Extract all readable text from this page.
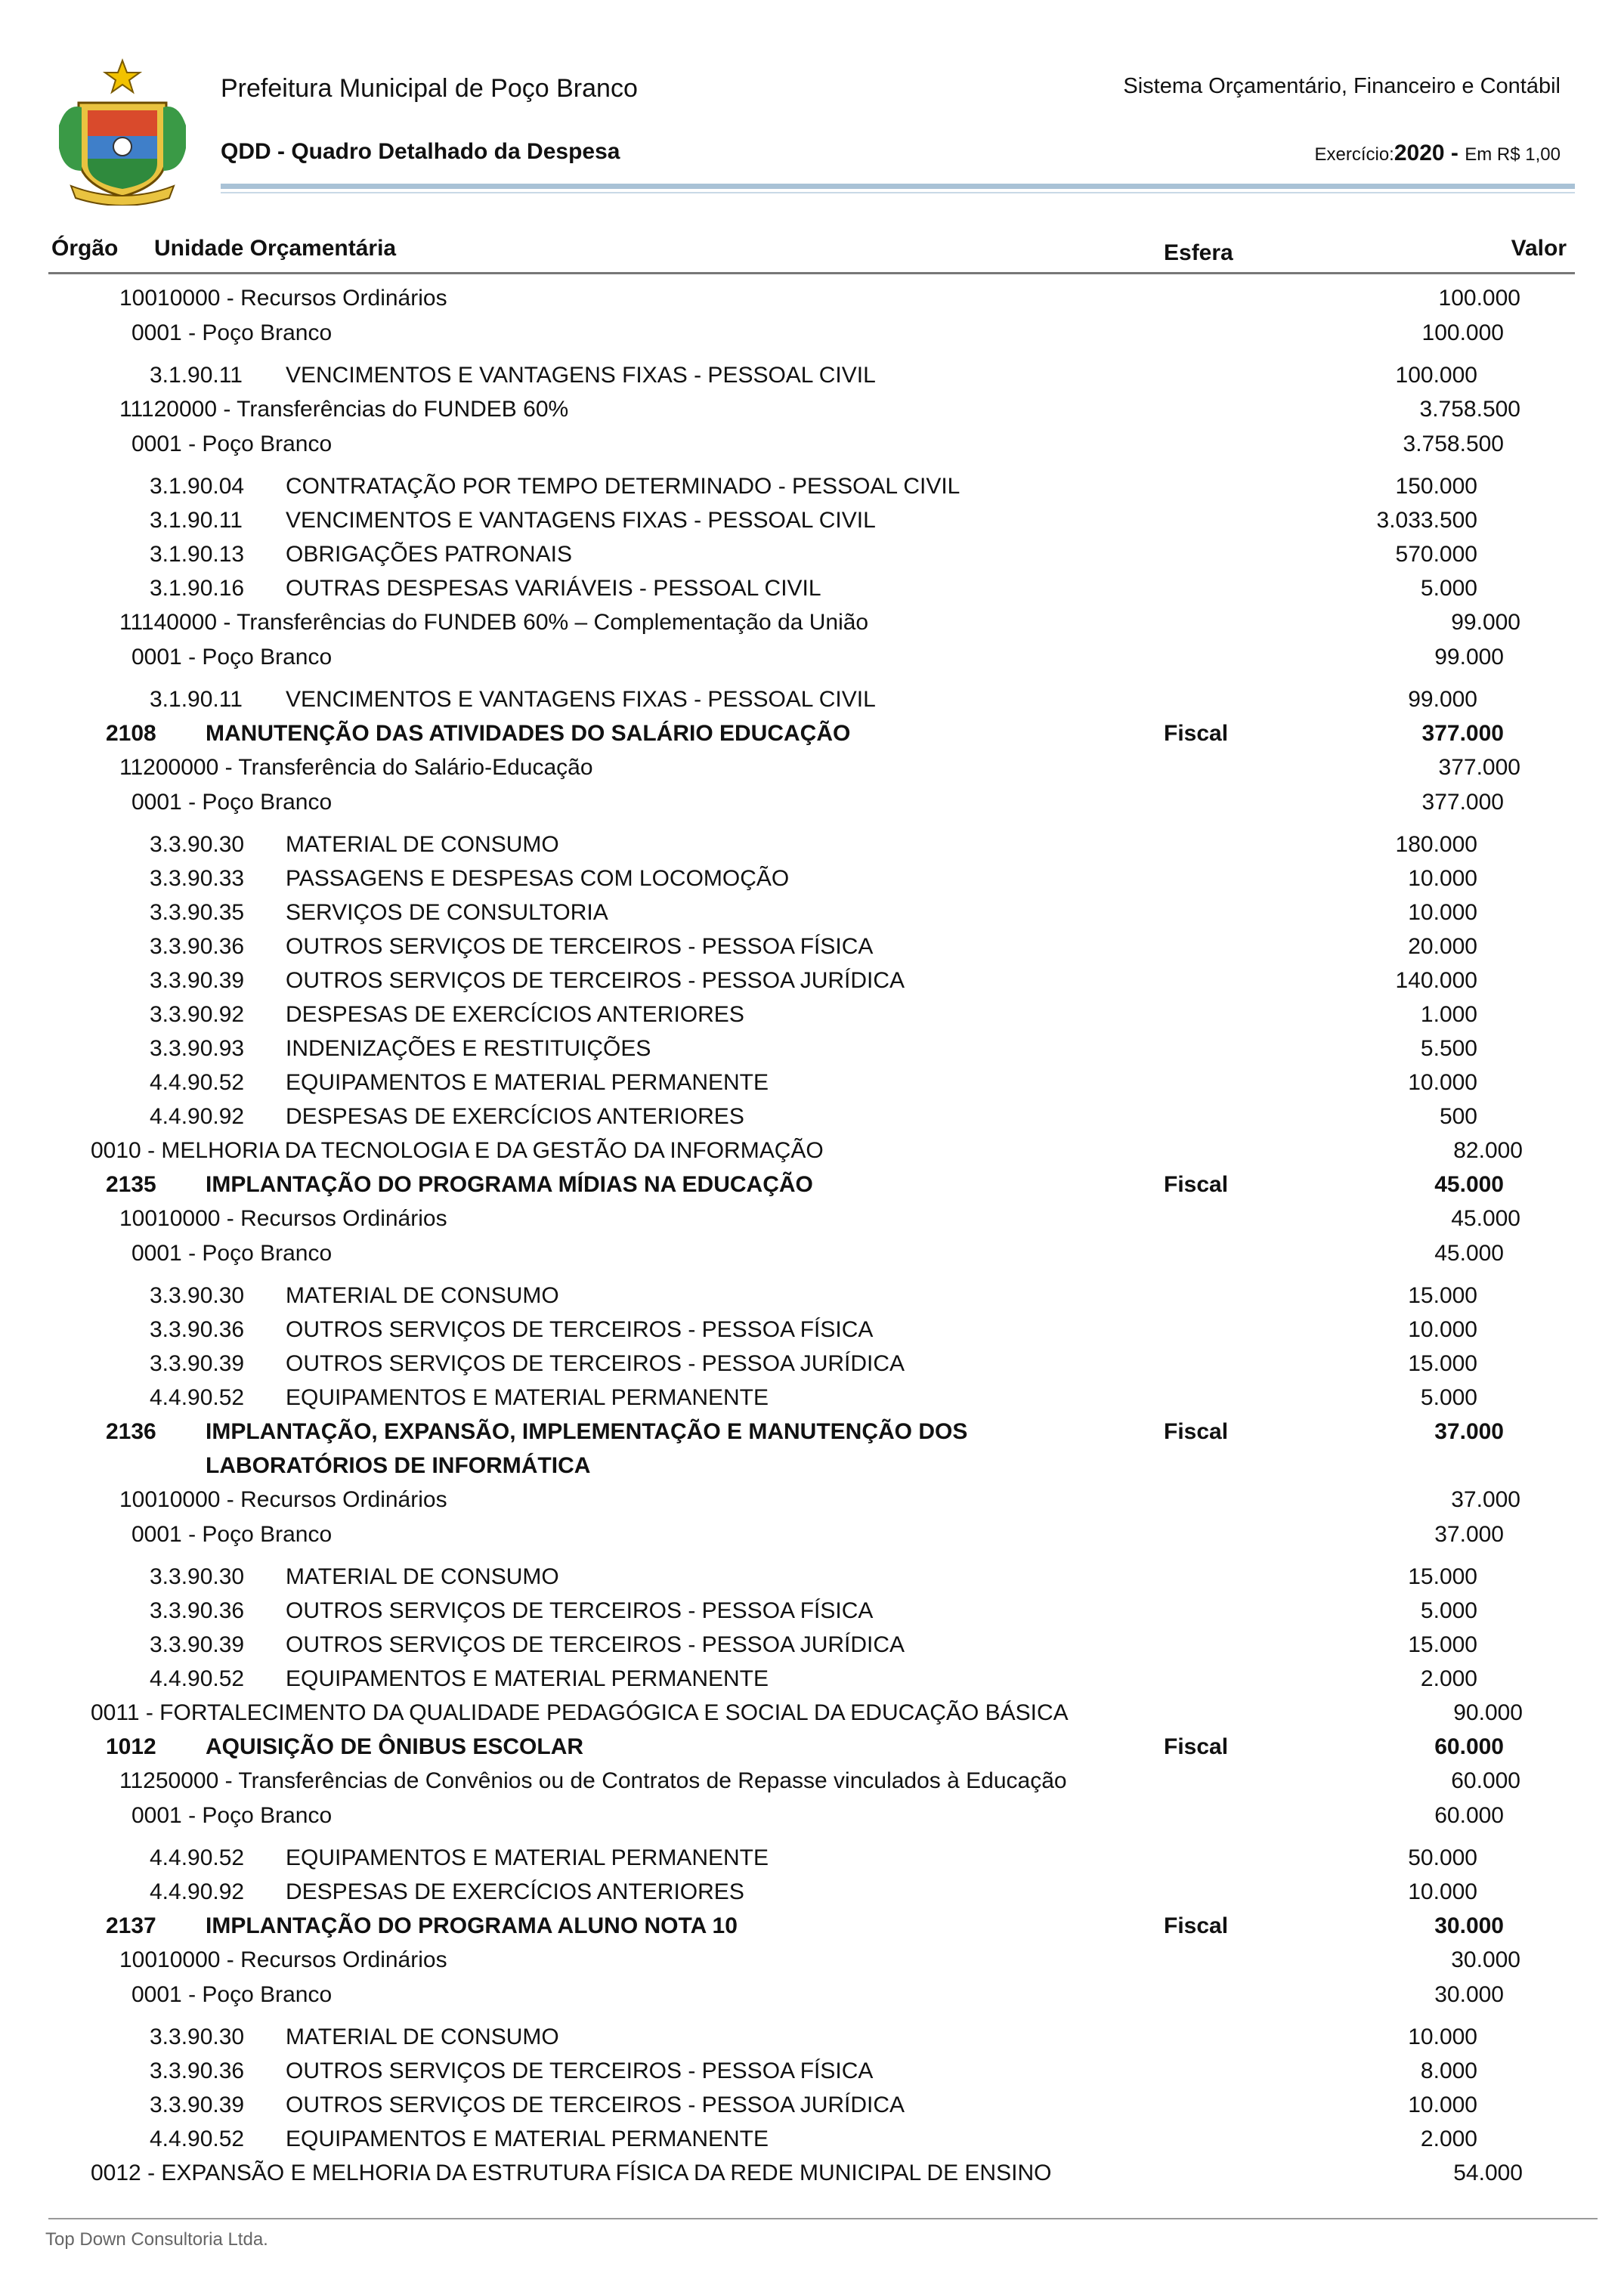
Prefeitura Municipal de Poço Branco
QDD - Quadro Detalhado da Despesa
Sistema Orçamentário, Financeiro e Contábil
Exercício:2020 - Em R$ 1,00
Órgão Unidade Orçamentária	Esfera	Valor
10010000 - Recursos Ordinários	100.000
0001 - Poço Branco	100.000
3.1.90.11 VENCIMENTOS E VANTAGENS FIXAS - PESSOAL CIVIL	100.000
11120000 - Transferências do FUNDEB 60%	3.758.500
0001 - Poço Branco	3.758.500
3.1.90.04 CONTRATAÇÃO POR TEMPO DETERMINADO - PESSOAL CIVIL	150.000
3.1.90.11 VENCIMENTOS E VANTAGENS FIXAS - PESSOAL CIVIL	3.033.500
3.1.90.13 OBRIGAÇÕES PATRONAIS	570.000
3.1.90.16 OUTRAS DESPESAS VARIÁVEIS - PESSOAL CIVIL	5.000
11140000 - Transferências do FUNDEB 60% – Complementação da União	99.000
0001 - Poço Branco	99.000
3.1.90.11 VENCIMENTOS E VANTAGENS FIXAS - PESSOAL CIVIL	99.000
2108 MANUTENÇÃO DAS ATIVIDADES DO SALÁRIO EDUCAÇÃO	Fiscal	377.000
11200000 - Transferência do Salário-Educação	377.000
0001 - Poço Branco	377.000
3.3.90.30 MATERIAL DE CONSUMO	180.000
3.3.90.33 PASSAGENS E DESPESAS COM LOCOMOÇÃO	10.000
3.3.90.35 SERVIÇOS DE CONSULTORIA	10.000
3.3.90.36 OUTROS SERVIÇOS DE TERCEIROS - PESSOA FÍSICA	20.000
3.3.90.39 OUTROS SERVIÇOS DE TERCEIROS - PESSOA JURÍDICA	140.000
3.3.90.92 DESPESAS DE EXERCÍCIOS ANTERIORES	1.000
3.3.90.93 INDENIZAÇÕES E RESTITUIÇÕES	5.500
4.4.90.52 EQUIPAMENTOS E MATERIAL PERMANENTE	10.000
4.4.90.92 DESPESAS DE EXERCÍCIOS ANTERIORES	500
0010 - MELHORIA DA TECNOLOGIA E DA GESTÃO DA INFORMAÇÃO	82.000
2135 IMPLANTAÇÃO DO PROGRAMA MÍDIAS NA EDUCAÇÃO	Fiscal	45.000
10010000 - Recursos Ordinários	45.000
0001 - Poço Branco	45.000
3.3.90.30 MATERIAL DE CONSUMO	15.000
3.3.90.36 OUTROS SERVIÇOS DE TERCEIROS - PESSOA FÍSICA	10.000
3.3.90.39 OUTROS SERVIÇOS DE TERCEIROS - PESSOA JURÍDICA	15.000
4.4.90.52 EQUIPAMENTOS E MATERIAL PERMANENTE	5.000
2136 IMPLANTAÇÃO, EXPANSÃO, IMPLEMENTAÇÃO E MANUTENÇÃO DOS	Fiscal	37.000
LABORATÓRIOS DE INFORMÁTICA
10010000 - Recursos Ordinários	37.000
0001 - Poço Branco	37.000
3.3.90.30 MATERIAL DE CONSUMO	15.000
3.3.90.36 OUTROS SERVIÇOS DE TERCEIROS - PESSOA FÍSICA	5.000
3.3.90.39 OUTROS SERVIÇOS DE TERCEIROS - PESSOA JURÍDICA	15.000
4.4.90.52 EQUIPAMENTOS E MATERIAL PERMANENTE	2.000
0011 - FORTALECIMENTO DA QUALIDADE PEDAGÓGICA E SOCIAL DA EDUCAÇÃO BÁSICA	90.000
1012 AQUISIÇÃO DE ÔNIBUS ESCOLAR	Fiscal	60.000
11250000 - Transferências de Convênios ou de Contratos de Repasse vinculados à Educação	60.000
0001 - Poço Branco	60.000
4.4.90.52 EQUIPAMENTOS E MATERIAL PERMANENTE	50.000
4.4.90.92 DESPESAS DE EXERCÍCIOS ANTERIORES	10.000
2137 IMPLANTAÇÃO DO PROGRAMA ALUNO NOTA 10	Fiscal	30.000
10010000 - Recursos Ordinários	30.000
0001 - Poço Branco	30.000
3.3.90.30 MATERIAL DE CONSUMO	10.000
3.3.90.36 OUTROS SERVIÇOS DE TERCEIROS - PESSOA FÍSICA	8.000
3.3.90.39 OUTROS SERVIÇOS DE TERCEIROS - PESSOA JURÍDICA	10.000
4.4.90.52 EQUIPAMENTOS E MATERIAL PERMANENTE	2.000
0012 - EXPANSÃO E MELHORIA DA ESTRUTURA FÍSICA DA REDE MUNICIPAL DE ENSINO	54.000
Top Down Consultoria Ltda.
